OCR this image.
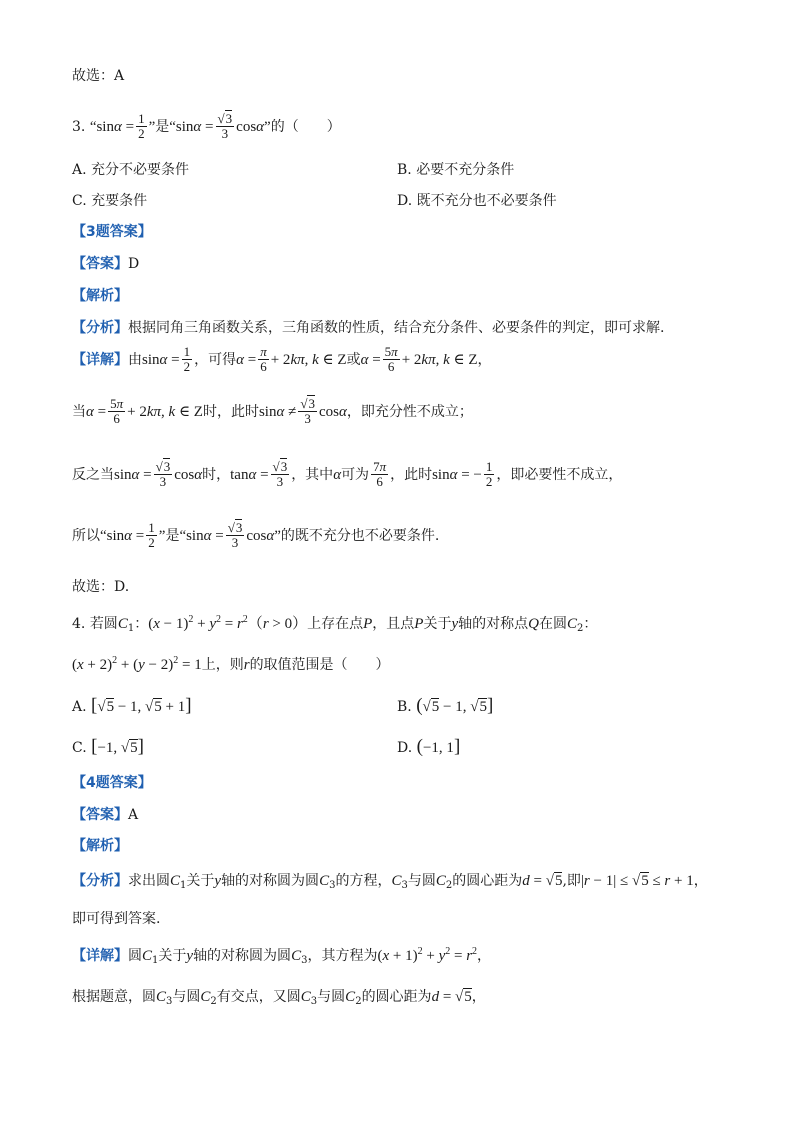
故选：A
3. “$\sin\alpha = \frac{1}{2}$ ”是“sinα = √ $\frac{3}{3} \cos\alpha$”的（　　）
A. 充分不必要条件	B. 必要不充分条件
C. 充要条件	D. 既不充分也不必要条件
【3题答案】
【答案】D
【解析】
【分析】根据同角三角函数关系，三角函数的性质，结合充分条件、必要条件的判定，即可求解.
【详解】由$\sin\alpha = \frac{1}{2}$ ，可得$\alpha = \frac{\pi}{6} + 2k\pi$, k ∈ Z或$\alpha = \frac{5\pi}{6} + 2k\pi$, k ∈ Z，
当$\alpha = \frac{5\pi}{6} + 2k\pi$, k ∈ Z时，此时sinα ≠ √ $\frac{3}{3}$ cosα，即充分性不成立；
反之当sinα = √ $\frac{3}{3}$ cosα时，tanα = √ $\frac{3}{3}$ ，其中α可为 $\frac{7\pi}{6}$ ，此时sinα = − $\frac{1}{2}$ ，即必要性不成立，
所以“$\sin\alpha = \frac{1}{2}$ ”是“sinα = √ $\frac{3}{3} \cos\alpha$”的既不充分也不必要条件.
故选：D.
4. 若圆$C_1$：$(x - 1)^2 + y^2 = r^2(r > 0)$上存在点P，且点P关于y轴的对称点Q在圆$C_2$：
$(x + 2)^2 + (y - 2)^2 = 1$上，则r的取值范围是（　　）
A. [ √ 5 − 1, √ 5 + 1]	B. ( √ 5 − 1, √ 5]
C. [−1, √ 5]	D. (−1, 1]
【4题答案】
【答案】A
【解析】
【分析】求出圆$C_1$关于y轴的对称圆为圆$C_3$的方程，$C_3$与圆$C_2$的圆心距为d = √ 5,即|r − 1| ≤ √ 5 ≤ r + 1，
即可得到答案.
【详解】圆$C_1$关于y轴的对称圆为圆$C_3$，其方程为$(x + 1)^2 + y^2 = r^2$，
根据题意，圆$C_3$与圆$C_2$有交点，又圆$C_3$与圆$C_2$的圆心距为d = √ 5，
